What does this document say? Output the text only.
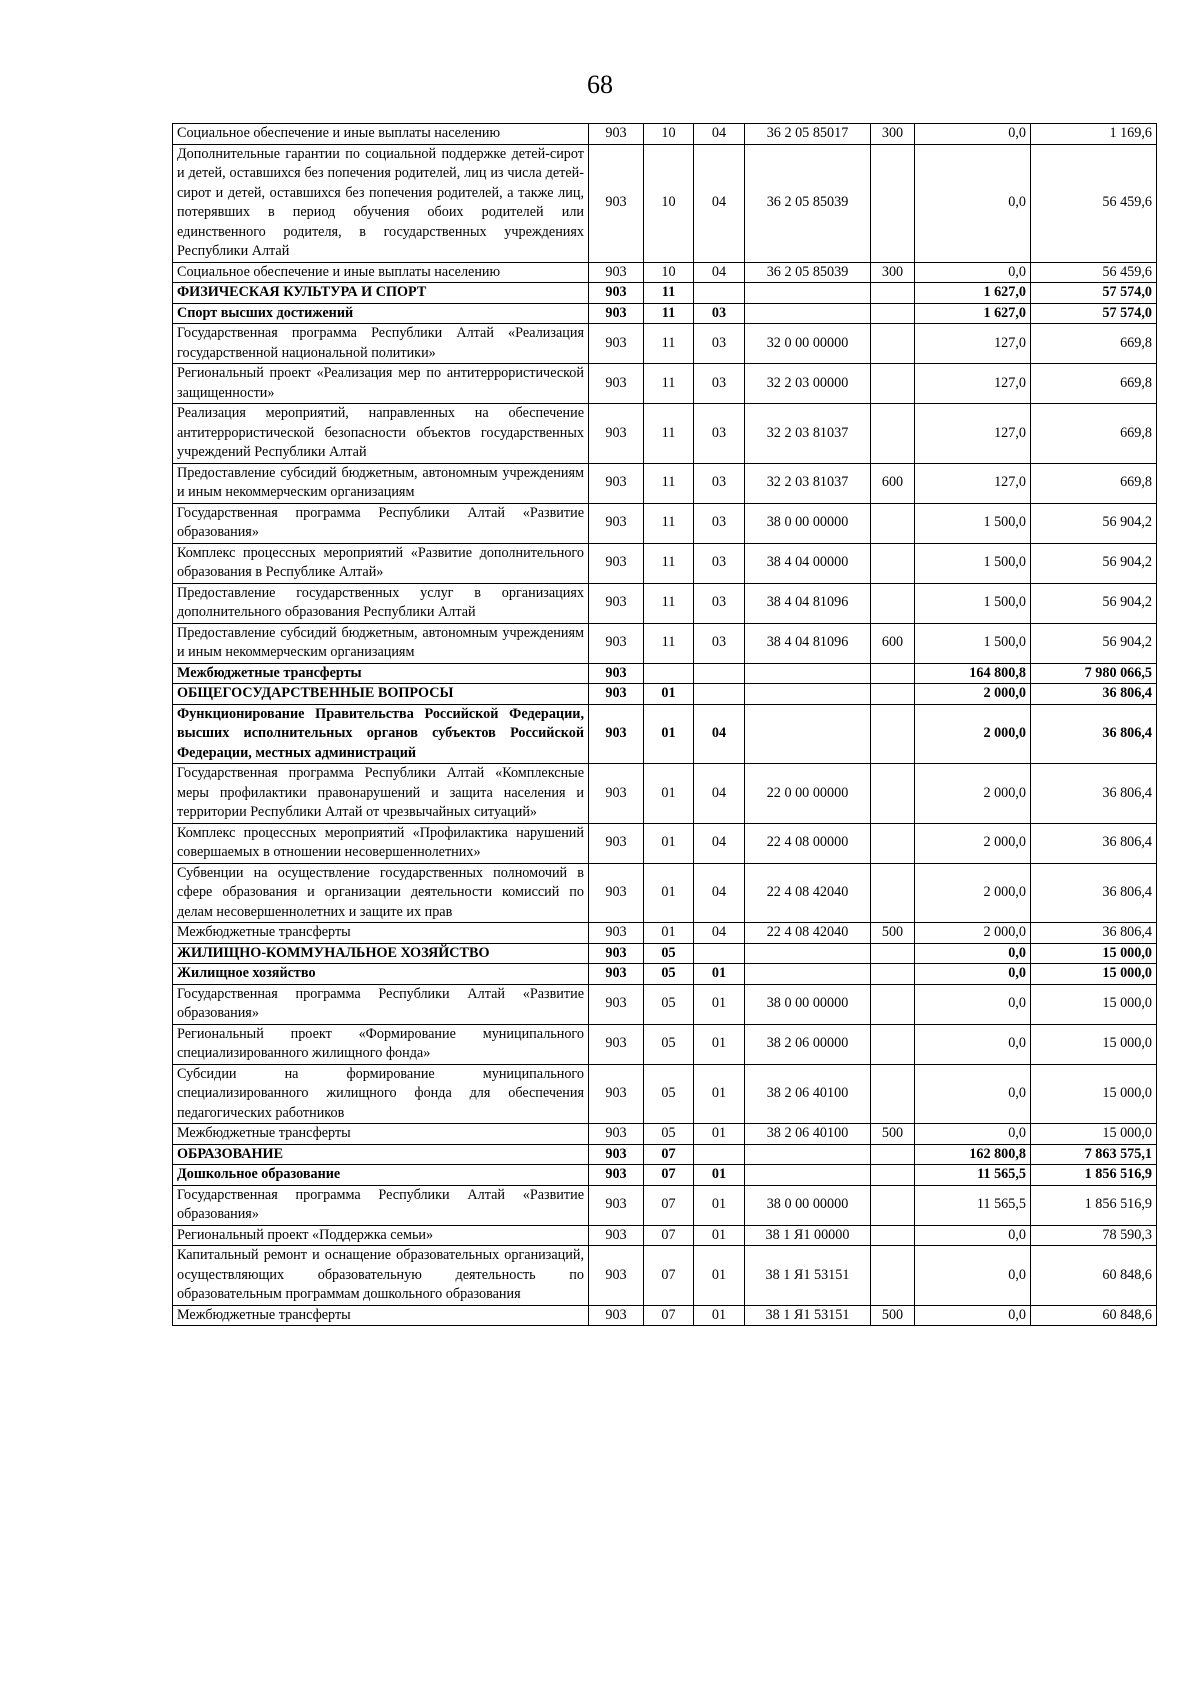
68
Социальное обеспечение и иные выплаты населению	903	10	04	36 2 05 85017	300	0,0	1 169,6
Дополнительные гарантии по социальной поддержке детей-сирот и детей, оставшихся без попечения родителей, лиц из числа детей-сирот и детей, оставшихся без попечения родителей, а также лиц, потерявших в период обучения обоих родителей или единственного родителя, в государственных учреждениях Республики Алтай	903	10	04	36 2 05 85039		0,0	56 459,6
Социальное обеспечение и иные выплаты населению	903	10	04	36 2 05 85039	300	0,0	56 459,6
ФИЗИЧЕСКАЯ КУЛЬТУРА И СПОРТ	903	11				1 627,0	57 574,0
Спорт высших достижений	903	11	03			1 627,0	57 574,0
Государственная программа Республики Алтай «Реализация государственной национальной политики»	903	11	03	32 0 00 00000		127,0	669,8
Региональный проект «Реализация мер по антитеррористической защищенности»	903	11	03	32 2 03 00000		127,0	669,8
Реализация мероприятий, направленных на обеспечение антитеррористической безопасности объектов государственных учреждений Республики Алтай	903	11	03	32 2 03 81037		127,0	669,8
Предоставление субсидий бюджетным, автономным учреждениям и иным некоммерческим организациям	903	11	03	32 2 03 81037	600	127,0	669,8
Государственная программа Республики Алтай «Развитие образования»	903	11	03	38 0 00 00000		1 500,0	56 904,2
Комплекс процессных мероприятий «Развитие дополнительного образования в Республике Алтай»	903	11	03	38 4 04 00000		1 500,0	56 904,2
Предоставление государственных услуг в организациях дополнительного образования Республики Алтай	903	11	03	38 4 04 81096		1 500,0	56 904,2
Предоставление субсидий бюджетным, автономным учреждениям и иным некоммерческим организациям	903	11	03	38 4 04 81096	600	1 500,0	56 904,2
Межбюджетные трансферты	903					164 800,8	7 980 066,5
ОБЩЕГОСУДАРСТВЕННЫЕ ВОПРОСЫ	903	01				2 000,0	36 806,4
Функционирование Правительства Российской Федерации, высших исполнительных органов субъектов Российской Федерации, местных администраций	903	01	04			2 000,0	36 806,4
Государственная программа Республики Алтай «Комплексные меры профилактики правонарушений и защита населения и территории Республики Алтай от чрезвычайных ситуаций»	903	01	04	22 0 00 00000		2 000,0	36 806,4
Комплекс процессных мероприятий «Профилактика нарушений совершаемых в отношении несовершеннолетних»	903	01	04	22 4 08 00000		2 000,0	36 806,4
Субвенции на осуществление государственных полномочий в сфере образования и организации деятельности комиссий по делам несовершеннолетних и защите их прав	903	01	04	22 4 08 42040		2 000,0	36 806,4
Межбюджетные трансферты	903	01	04	22 4 08 42040	500	2 000,0	36 806,4
ЖИЛИЩНО-КОММУНАЛЬНОЕ ХОЗЯЙСТВО	903	05				0,0	15 000,0
Жилищное хозяйство	903	05	01			0,0	15 000,0
Государственная программа Республики Алтай «Развитие образования»	903	05	01	38 0 00 00000		0,0	15 000,0
Региональный проект «Формирование муниципального специализированного жилищного фонда»	903	05	01	38 2 06 00000		0,0	15 000,0
Субсидии на формирование муниципального специализированного жилищного фонда для обеспечения педагогических работников	903	05	01	38 2 06 40100		0,0	15 000,0
Межбюджетные трансферты	903	05	01	38 2 06 40100	500	0,0	15 000,0
ОБРАЗОВАНИЕ	903	07				162 800,8	7 863 575,1
Дошкольное образование	903	07	01			11 565,5	1 856 516,9
Государственная программа Республики Алтай «Развитие образования»	903	07	01	38 0 00 00000		11 565,5	1 856 516,9
Региональный проект «Поддержка семьи»	903	07	01	38 1 Я1 00000		0,0	78 590,3
Капитальный ремонт и оснащение образовательных организаций, осуществляющих образовательную деятельность по образовательным программам дошкольного образования	903	07	01	38 1 Я1 53151		0,0	60 848,6
Межбюджетные трансферты	903	07	01	38 1 Я1 53151	500	0,0	60 848,6
